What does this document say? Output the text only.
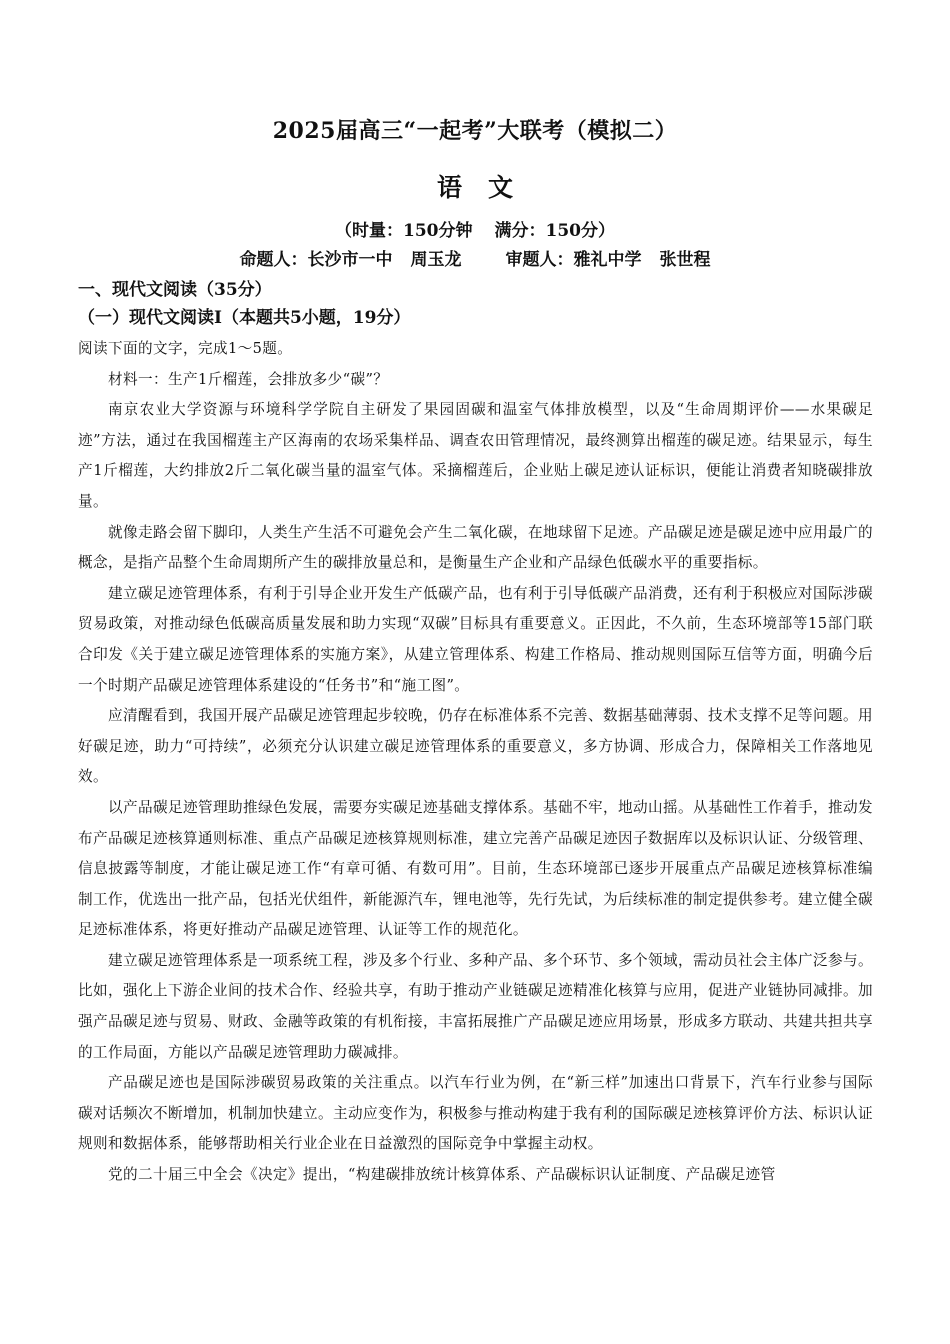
2025届高三“一起考”大联考（模拟二）
语文
（时量：150分钟 满分：150分）
命题人：长沙市一中 周玉龙	审题人：雅礼中学 张世程
一、现代文阅读（35分）
（一）现代文阅读Ⅰ（本题共5小题，19分）

阅读下面的文字，完成1～5题。

材料一：生产1斤榴莲，会排放多少“碳”？

南京农业大学资源与环境科学学院自主研发了果园固碳和温室气体排放模型，以及“生命周期评价——水果碳足迹”方法，通过在我国榴莲主产区海南的农场采集样品、调查农田管理情况，最终测算出榴莲的碳足迹。结果显示，每生产1斤榴莲，大约排放2斤二氧化碳当量的温室气体。采摘榴莲后，企业贴上碳足迹认证标识，便能让消费者知晓碳排放量。

就像走路会留下脚印，人类生产生活不可避免会产生二氧化碳，在地球留下足迹。产品碳足迹是碳足迹中应用最广的概念，是指产品整个生命周期所产生的碳排放量总和，是衡量生产企业和产品绿色低碳水平的重要指标。

建立碳足迹管理体系，有利于引导企业开发生产低碳产品，也有利于引导低碳产品消费，还有利于积极应对国际涉碳贸易政策，对推动绿色低碳高质量发展和助力实现“双碳”目标具有重要意义。正因此，不久前，生态环境部等15部门联合印发《关于建立碳足迹管理体系的实施方案》，从建立管理体系、构建工作格局、推动规则国际互信等方面，明确今后一个时期产品碳足迹管理体系建设的“任务书”和“施工图”。

应清醒看到，我国开展产品碳足迹管理起步较晚，仍存在标准体系不完善、数据基础薄弱、技术支撑不足等问题。用好碳足迹，助力“可持续”，必须充分认识建立碳足迹管理体系的重要意义，多方协调、形成合力，保障相关工作落地见效。

以产品碳足迹管理助推绿色发展，需要夯实碳足迹基础支撑体系。基础不牢，地动山摇。从基础性工作着手，推动发布产品碳足迹核算通则标准、重点产品碳足迹核算规则标准，建立完善产品碳足迹因子数据库以及标识认证、分级管理、信息披露等制度，才能让碳足迹工作“有章可循、有数可用”。目前，生态环境部已逐步开展重点产品碳足迹核算标准编制工作，优选出一批产品，包括光伏组件，新能源汽车，锂电池等，先行先试，为后续标准的制定提供参考。建立健全碳足迹标准体系，将更好推动产品碳足迹管理、认证等工作的规范化。

建立碳足迹管理体系是一项系统工程，涉及多个行业、多种产品、多个环节、多个领域，需动员社会主体广泛参与。比如，强化上下游企业间的技术合作、经验共享，有助于推动产业链碳足迹精准化核算与应用，促进产业链协同减排。加强产品碳足迹与贸易、财政、金融等政策的有机衔接，丰富拓展推广产品碳足迹应用场景，形成多方联动、共建共担共享的工作局面，方能以产品碳足迹管理助力碳减排。

产品碳足迹也是国际涉碳贸易政策的关注重点。以汽车行业为例，在“新三样”加速出口背景下，汽车行业参与国际碳对话频次不断增加，机制加快建立。主动应变作为，积极参与推动构建于我有利的国际碳足迹核算评价方法、标识认证规则和数据体系，能够帮助相关行业企业在日益激烈的国际竞争中掌握主动权。

党的二十届三中全会《决定》提出，“构建碳排放统计核算体系、产品碳标识认证制度、产品碳足迹管
